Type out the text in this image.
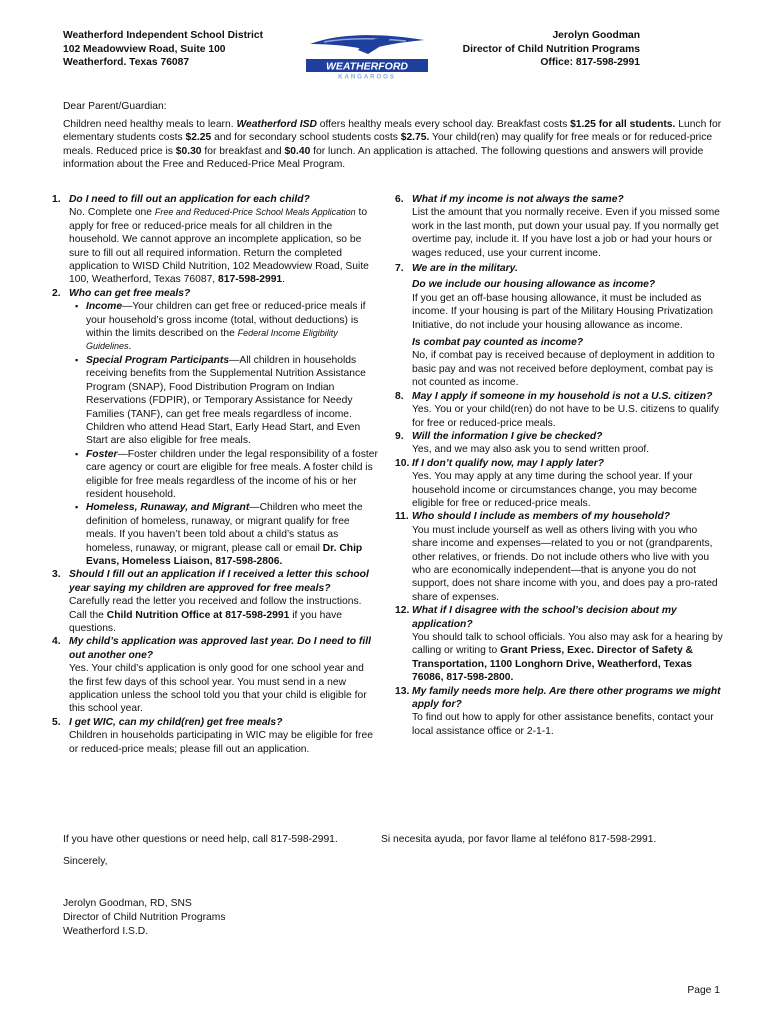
Weatherford Independent School District
102 Meadowview Road, Suite 100
Weatherford. Texas 76087	WEATHERFORD
KANGAROOS
Jerolyn Goodman
Director of Child Nutrition Programs
Office: 817-598-2991
Dear Parent/Guardian:

Children need healthy meals to learn. Weatherford ISD offers healthy meals every school day. Breakfast costs $1.25 for all students. Lunch for elementary students costs $2.25 and for secondary school students costs $2.75. Your child(ren) may qualify for free meals or for reduced-price meals. Reduced price is $0.30 for breakfast and $0.40 for lunch. An application is attached. The following questions and answers will provide information about the Free and Reduced-Price Meal Program.

1. Do I need to fill out an application for each child?
No. Complete one Free and Reduced-Price School Meals Application to apply for free or reduced-price meals for all children in the household. We cannot approve an incomplete application, so be sure to fill out all required information. Return the completed application to WISD Child Nutrition, 102 Meadowview Road, Suite 100, Weatherford, Texas 76087, 817-598-2991.
2. Who can get free meals?
▪ Income—Your children can get free or reduced-price meals if your household’s gross income (total, without deductions) is within the limits described on the Federal Income Eligibility Guidelines.
▪ Special Program Participants—All children in households receiving benefits from the Supplemental Nutrition Assistance Program (SNAP), Food Distribution Program on Indian Reservations (FDPIR), or Temporary Assistance for Needy Families (TANF), can get free meals regardless of income. Children who attend Head Start, Early Head Start, and Even Start are also eligible for free meals.
▪ Foster—Foster children under the legal responsibility of a foster care agency or court are eligible for free meals. A foster child is eligible for free meals regardless of the income of his or her resident household.
▪ Homeless, Runaway, and Migrant—Children who meet the definition of homeless, runaway, or migrant qualify for free meals. If you haven’t been told about a child’s status as homeless, runaway, or migrant, please call or email Dr. Chip Evans, Homeless Liaison, 817-598-2806.
3. Should I fill out an application if I received a letter this school year saying my children are approved for free meals?
Carefully read the letter you received and follow the instructions. Call the Child Nutrition Office at 817-598-2991 if you have questions.
4. My child’s application was approved last year. Do I need to fill out another one?
Yes. Your child’s application is only good for one school year and the first few days of this school year. You must send in a new application unless the school told you that your child is eligible for this school year.
5. I get WIC, can my child(ren) get free meals?
Children in households participating in WIC may be eligible for free or reduced-price meals; please fill out an application.
6. What if my income is not always the same?
List the amount that you normally receive. Even if you missed some work in the last month, put down your usual pay. If you normally get overtime pay, include it. If you have lost a job or had your hours or wages reduced, use your current income.
7. We are in the military.
Do we include our housing allowance as income?
If you get an off-base housing allowance, it must be included as income. If your housing is part of the Military Housing Privatization Initiative, do not include your housing allowance as income.
Is combat pay counted as income?
No, if combat pay is received because of deployment in addition to basic pay and was not received before deployment, combat pay is not counted as income.
8. May I apply if someone in my household is not a U.S. citizen?
Yes. You or your child(ren) do not have to be U.S. citizens to qualify for free or reduced-price meals.
9. Will the information I give be checked?
Yes, and we may also ask you to send written proof.
10. If I don’t qualify now, may I apply later?
Yes. You may apply at any time during the school year. If your household income or circumstances change, you may become eligible for free or reduced-price meals.
11. Who should I include as members of my household?
You must include yourself as well as others living with you who share income and expenses—related to you or not (grandparents, other relatives, or friends. Do not include others who live with you who are economically independent—that is anyone you do not support, does not share income with you, and does pay a pro-rated share of expenses.
12. What if I disagree with the school’s decision about my application?
You should talk to school officials. You also may ask for a hearing by calling or writing to Grant Priess, Exec. Director of Safety & Transportation, 1100 Longhorn Drive, Weatherford, Texas 76086, 817-598-2800.
13. My family needs more help. Are there other programs we might apply for?
To find out how to apply for other assistance benefits, contact your local assistance office or 2-1-1.
If you have other questions or need help, call 817-598-2991.	Si necesita ayuda, por favor llame al teléfono 817-598-2991.
Sincerely,
Jerolyn Goodman, RD, SNS
Director of Child Nutrition Programs
Weatherford I.S.D.
Page 1
